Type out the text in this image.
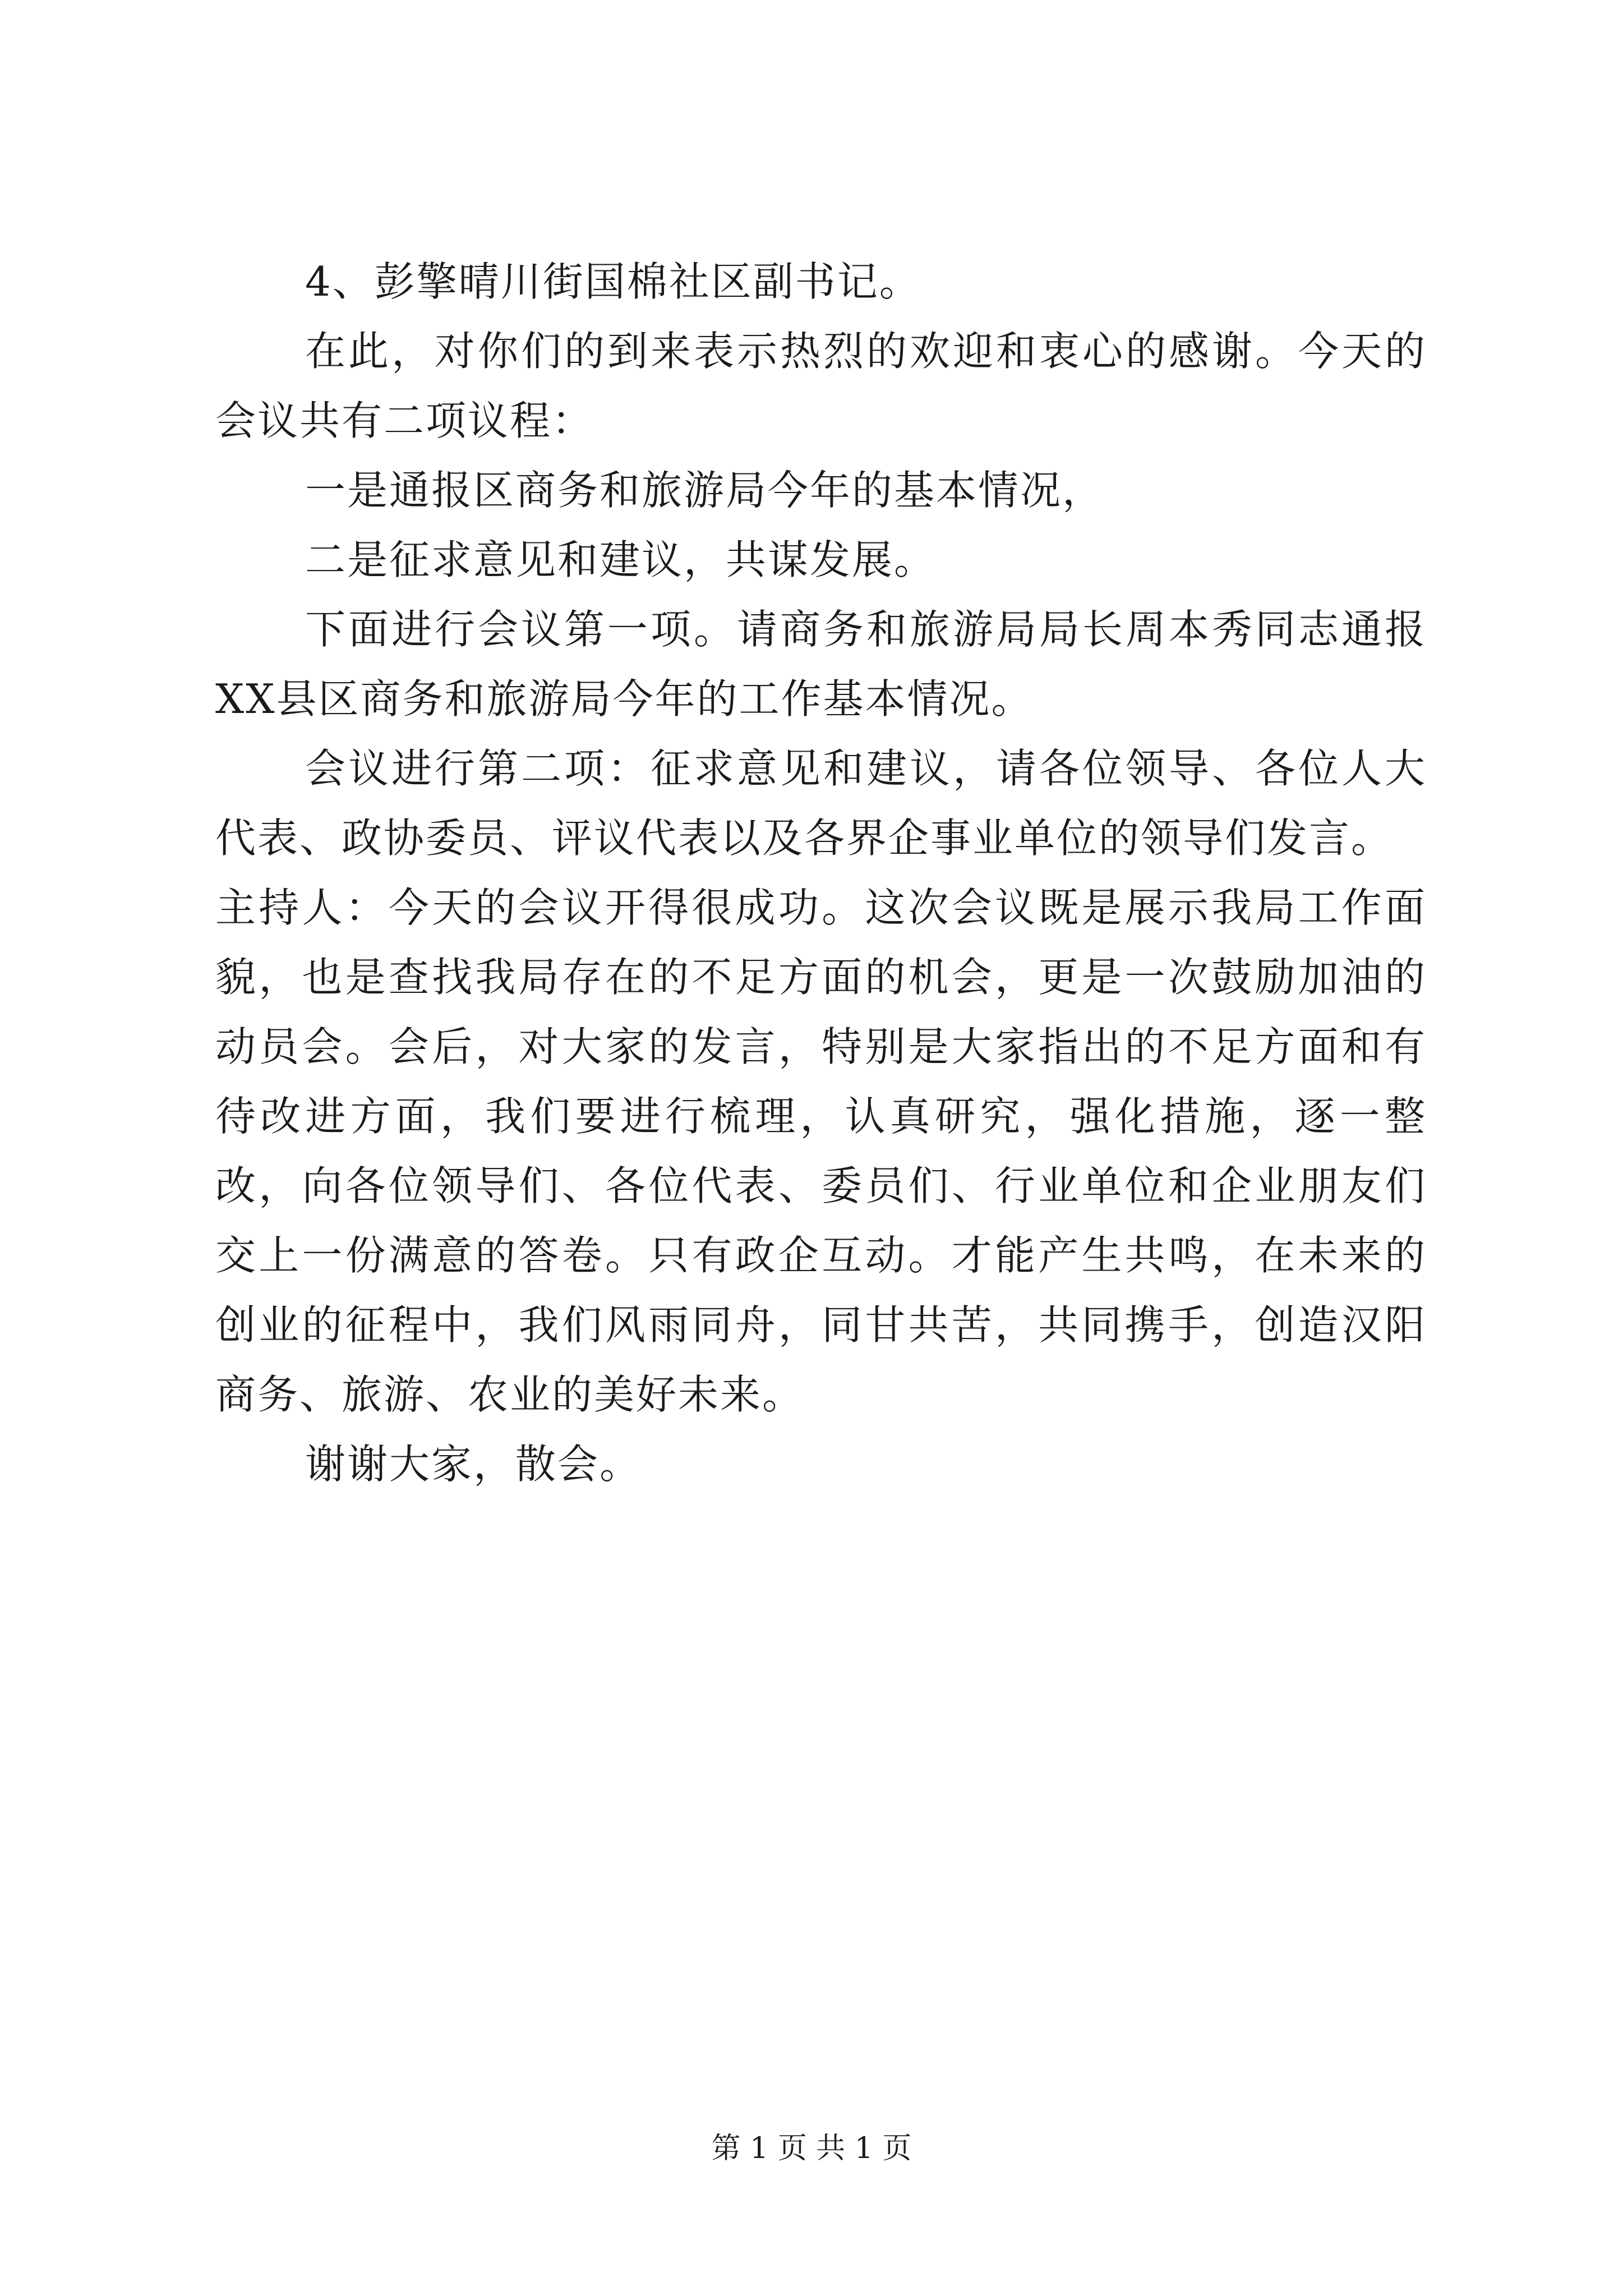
4、彭擎晴川街国棉社区副书记。

在此，对你们的到来表示热烈的欢迎和衷心的感谢。今天的会议共有二项议程：

一是通报区商务和旅游局今年的基本情况，

二是征求意见和建议，共谋发展。

下面进行会议第一项。请商务和旅游局局长周本秀同志通报XX县区商务和旅游局今年的工作基本情况。

会议进行第二项：征求意见和建议，请各位领导、各位人大代表、政协委员、评议代表以及各界企事业单位的领导们发言。

主持人：今天的会议开得很成功。这次会议既是展示我局工作面貌，也是查找我局存在的不足方面的机会，更是一次鼓励加油的动员会。会后，对大家的发言，特别是大家指出的不足方面和有待改进方面，我们要进行梳理，认真研究，强化措施，逐一整改，向各位领导们、各位代表、委员们、行业单位和企业朋友们交上一份满意的答卷。只有政企互动。才能产生共鸣，在未来的创业的征程中，我们风雨同舟，同甘共苦，共同携手，创造汉阳商务、旅游、农业的美好未来。

谢谢大家，散会。

第 1 页 共 1 页
